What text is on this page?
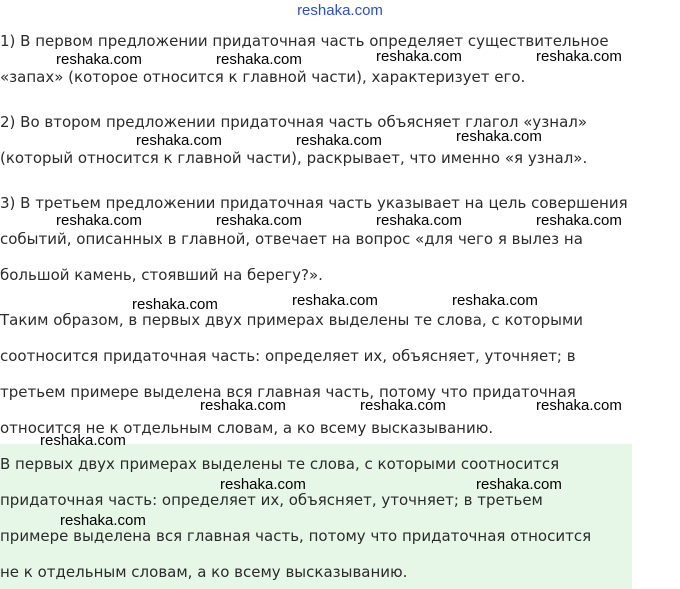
reshaka.com
1) В первом предложении придаточная часть определяет существительное
«запах» (которое относится к главной части), характеризует его.
2) Во втором предложении придаточная часть объясняет глагол «узнал»
(который относится к главной части), раскрывает, что именно «я узнал».
3) В третьем предложении придаточная часть указывает на цель совершения
событий, описанных в главной, отвечает на вопрос «для чего я вылез на
большой камень, стоявший на берегу?».
Таким образом, в первых двух примерах выделены те слова, с которыми
соотносится придаточная часть: определяет их, объясняет, уточняет; в
третьем примере выделена вся главная часть, потому что придаточная
относится не к отдельным словам, а ко всему высказыванию.
В первых двух примерах выделены те слова, с которыми соотносится
придаточная часть: определяет их, объясняет, уточняет; в третьем
примере выделена вся главная часть, потому что придаточная относится
не к отдельным словам, а ко всему высказыванию.
reshaka.com	reshaka.com	reshaka.com	reshaka.com
reshaka.com	reshaka.com	reshaka.com
reshaka.com	reshaka.com	reshaka.com	reshaka.com
reshaka.com	reshaka.com	reshaka.com
reshaka.com	reshaka.com	reshaka.com
reshaka.com
reshaka.com	reshaka.com
reshaka.com
